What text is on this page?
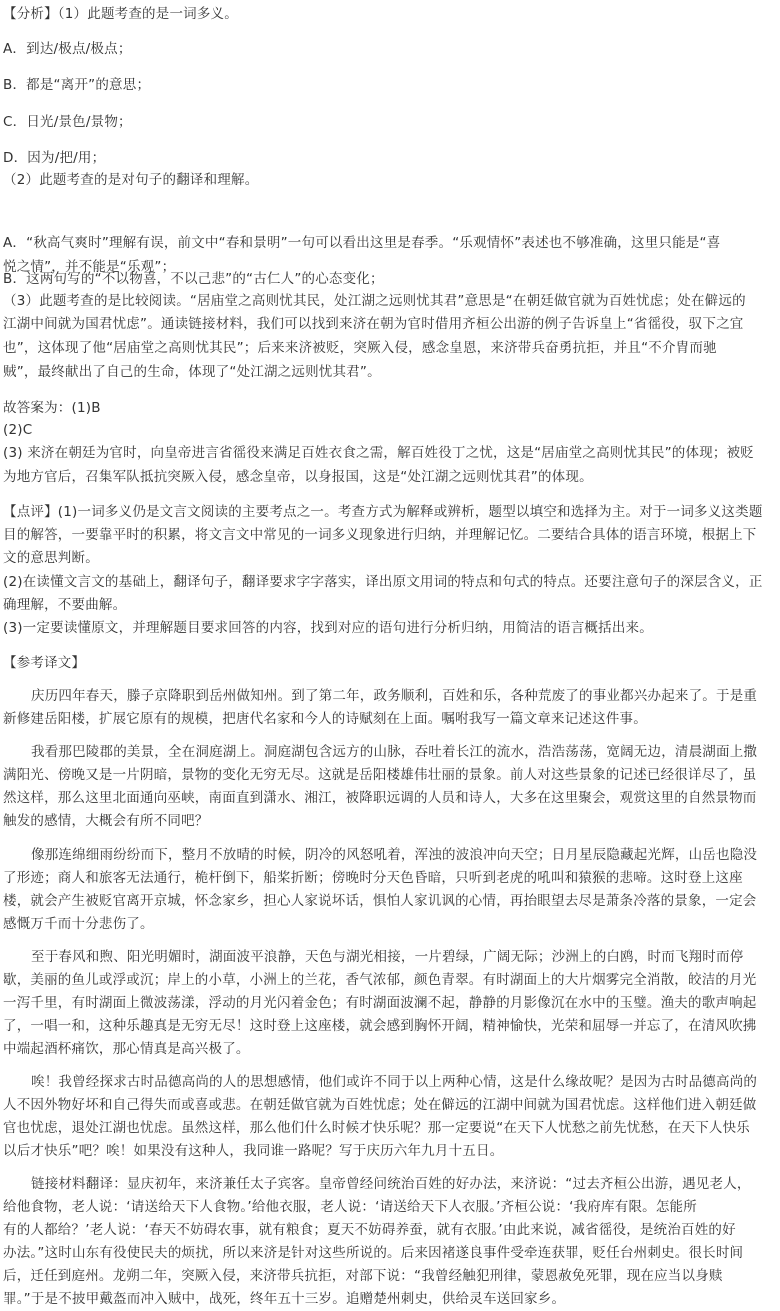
【分析】（1）此题考查的是一词多义。

A．到达/极点/极点；

B．都是“离开”的意思；

C．日光/景色/景物；

D．因为/把/用；

（2）此题考查的是对句子的翻译和理解。

A．“秋高气爽时”理解有误，前文中“春和景明”一句可以看出这里是春季。“乐观情怀”表述也不够准确，这里只能是“喜

悦之情”，并不能是“乐观”；

B．这两句写的“不以物喜，不以己悲”的“古仁人”的心态变化；

（3）此题考查的是比较阅读。“居庙堂之高则忧其民，处江湖之远则忧其君”意思是“在朝廷做官就为百姓忧虑；处在僻远的

江湖中间就为国君忧虑”。通读链接材料，我们可以找到来济在朝为官时借用齐桓公出游的例子告诉皇上“省徭役，驭下之宜

也”，这体现了他“居庙堂之高则忧其民”；后来来济被贬，突厥入侵，感念皇恩，来济带兵奋勇抗拒，并且“不介胄而驰

贼”，最终献出了自己的生命，体现了“处江湖之远则忧其君”。

故答案为：(1)B

(2)C

(3) 来济在朝廷为官时，向皇帝进言省徭役来满足百姓衣食之需，解百姓役丁之忧，这是“居庙堂之高则忧其民”的体现；被贬

为地方官后，召集军队抵抗突厥入侵，感念皇帝，以身报国，这是“处江湖之远则忧其君”的体现。

【点评】(1)一词多义仍是文言文阅读的主要考点之一。考查方式为解释或辨析，题型以填空和选择为主。对于一词多义这类题

目的解答，一要靠平时的积累，将文言文中常见的一词多义现象进行归纳，并理解记忆。二要结合具体的语言环境，根据上下

文的意思判断。

(2)在读懂文言文的基础上，翻译句子，翻译要求字字落实，译出原文用词的特点和句式的特点。还要注意句子的深层含义，正

确理解，不要曲解。

(3)一定要读懂原文，并理解题目要求回答的内容，找到对应的语句进行分析归纳，用简洁的语言概括出来。

【参考译文】

庆历四年春天，滕子京降职到岳州做知州。到了第二年，政务顺利，百姓和乐，各种荒废了的事业都兴办起来了。于是重

新修建岳阳楼，扩展它原有的规模，把唐代名家和今人的诗赋刻在上面。嘱咐我写一篇文章来记述这件事。

我看那巴陵郡的美景，全在洞庭湖上。洞庭湖包含远方的山脉，吞吐着长江的流水，浩浩荡荡，宽阔无边，清晨湖面上撒

满阳光、傍晚又是一片阴暗，景物的变化无穷无尽。这就是岳阳楼雄伟壮丽的景象。前人对这些景象的记述已经很详尽了，虽

然这样，那么这里北面通向巫峡，南面直到潇水、湘江，被降职远调的人员和诗人，大多在这里聚会，观赏这里的自然景物而

触发的感情，大概会有所不同吧？

像那连绵细雨纷纷而下，整月不放晴的时候，阴冷的风怒吼着，浑浊的波浪冲向天空；日月星辰隐藏起光辉，山岳也隐没

了形迹；商人和旅客无法通行，桅杆倒下，船桨折断；傍晚时分天色昏暗，只听到老虎的吼叫和猿猴的悲啼。这时登上这座

楼，就会产生被贬官离开京城，怀念家乡，担心人家说坏话，惧怕人家讥讽的心情，再抬眼望去尽是萧条冷落的景象，一定会

感慨万千而十分悲伤了。

至于春风和煦、阳光明媚时，湖面波平浪静，天色与湖光相接，一片碧绿，广阔无际；沙洲上的白鸥，时而飞翔时而停

歇，美丽的鱼儿或浮或沉；岸上的小草，小洲上的兰花，香气浓郁，颜色青翠。有时湖面上的大片烟雾完全消散，皎洁的月光

一泻千里，有时湖面上微波荡漾，浮动的月光闪着金色；有时湖面波澜不起，静静的月影像沉在水中的玉璧。渔夫的歌声响起

了，一唱一和，这种乐趣真是无穷无尽！这时登上这座楼，就会感到胸怀开阔，精神愉快，光荣和屈辱一并忘了，在清风吹拂

中端起酒杯痛饮，那心情真是高兴极了。

唉！我曾经探求古时品德高尚的人的思想感情，他们或许不同于以上两种心情，这是什么缘故呢？是因为古时品德高尚的

人不因外物好坏和自己得失而或喜或悲。在朝廷做官就为百姓忧虑；处在僻远的江湖中间就为国君忧虑。这样他们进入朝廷做

官也忧虑，退处江湖也忧虑。虽然这样，那么他们什么时候才快乐呢？那一定要说“在天下人忧愁之前先忧愁，在天下人快乐

以后才快乐”吧？唉！如果没有这种人，我同谁一路呢？写于庆历六年九月十五日。

链接材料翻译：显庆初年，来济兼任太子宾客。皇帝曾经问统治百姓的好办法，来济说：“过去齐桓公出游，遇见老人，

给他食物，老人说：‘请送给天下人食物。’给他衣服，老人说：‘请送给天下人衣服。’齐桓公说：‘我府库有限。怎能所

有的人都给？’老人说：‘春天不妨碍农事，就有粮食；夏天不妨碍养蚕，就有衣服。’由此来说，减省徭役，是统治百姓的好

办法。”这时山东有役使民夫的烦扰，所以来济是针对这些所说的。后来因褚遂良事件受牵连获罪，贬任台州刺史。很长时间

后，迁任到庭州。龙朔二年，突厥入侵，来济带兵抗拒，对部下说：“我曾经触犯刑律，蒙恩赦免死罪，现在应当以身赎

罪。”于是不披甲戴盔而冲入贼中，战死，终年五十三岁。追赠楚州刺史，供给灵车送回家乡。
